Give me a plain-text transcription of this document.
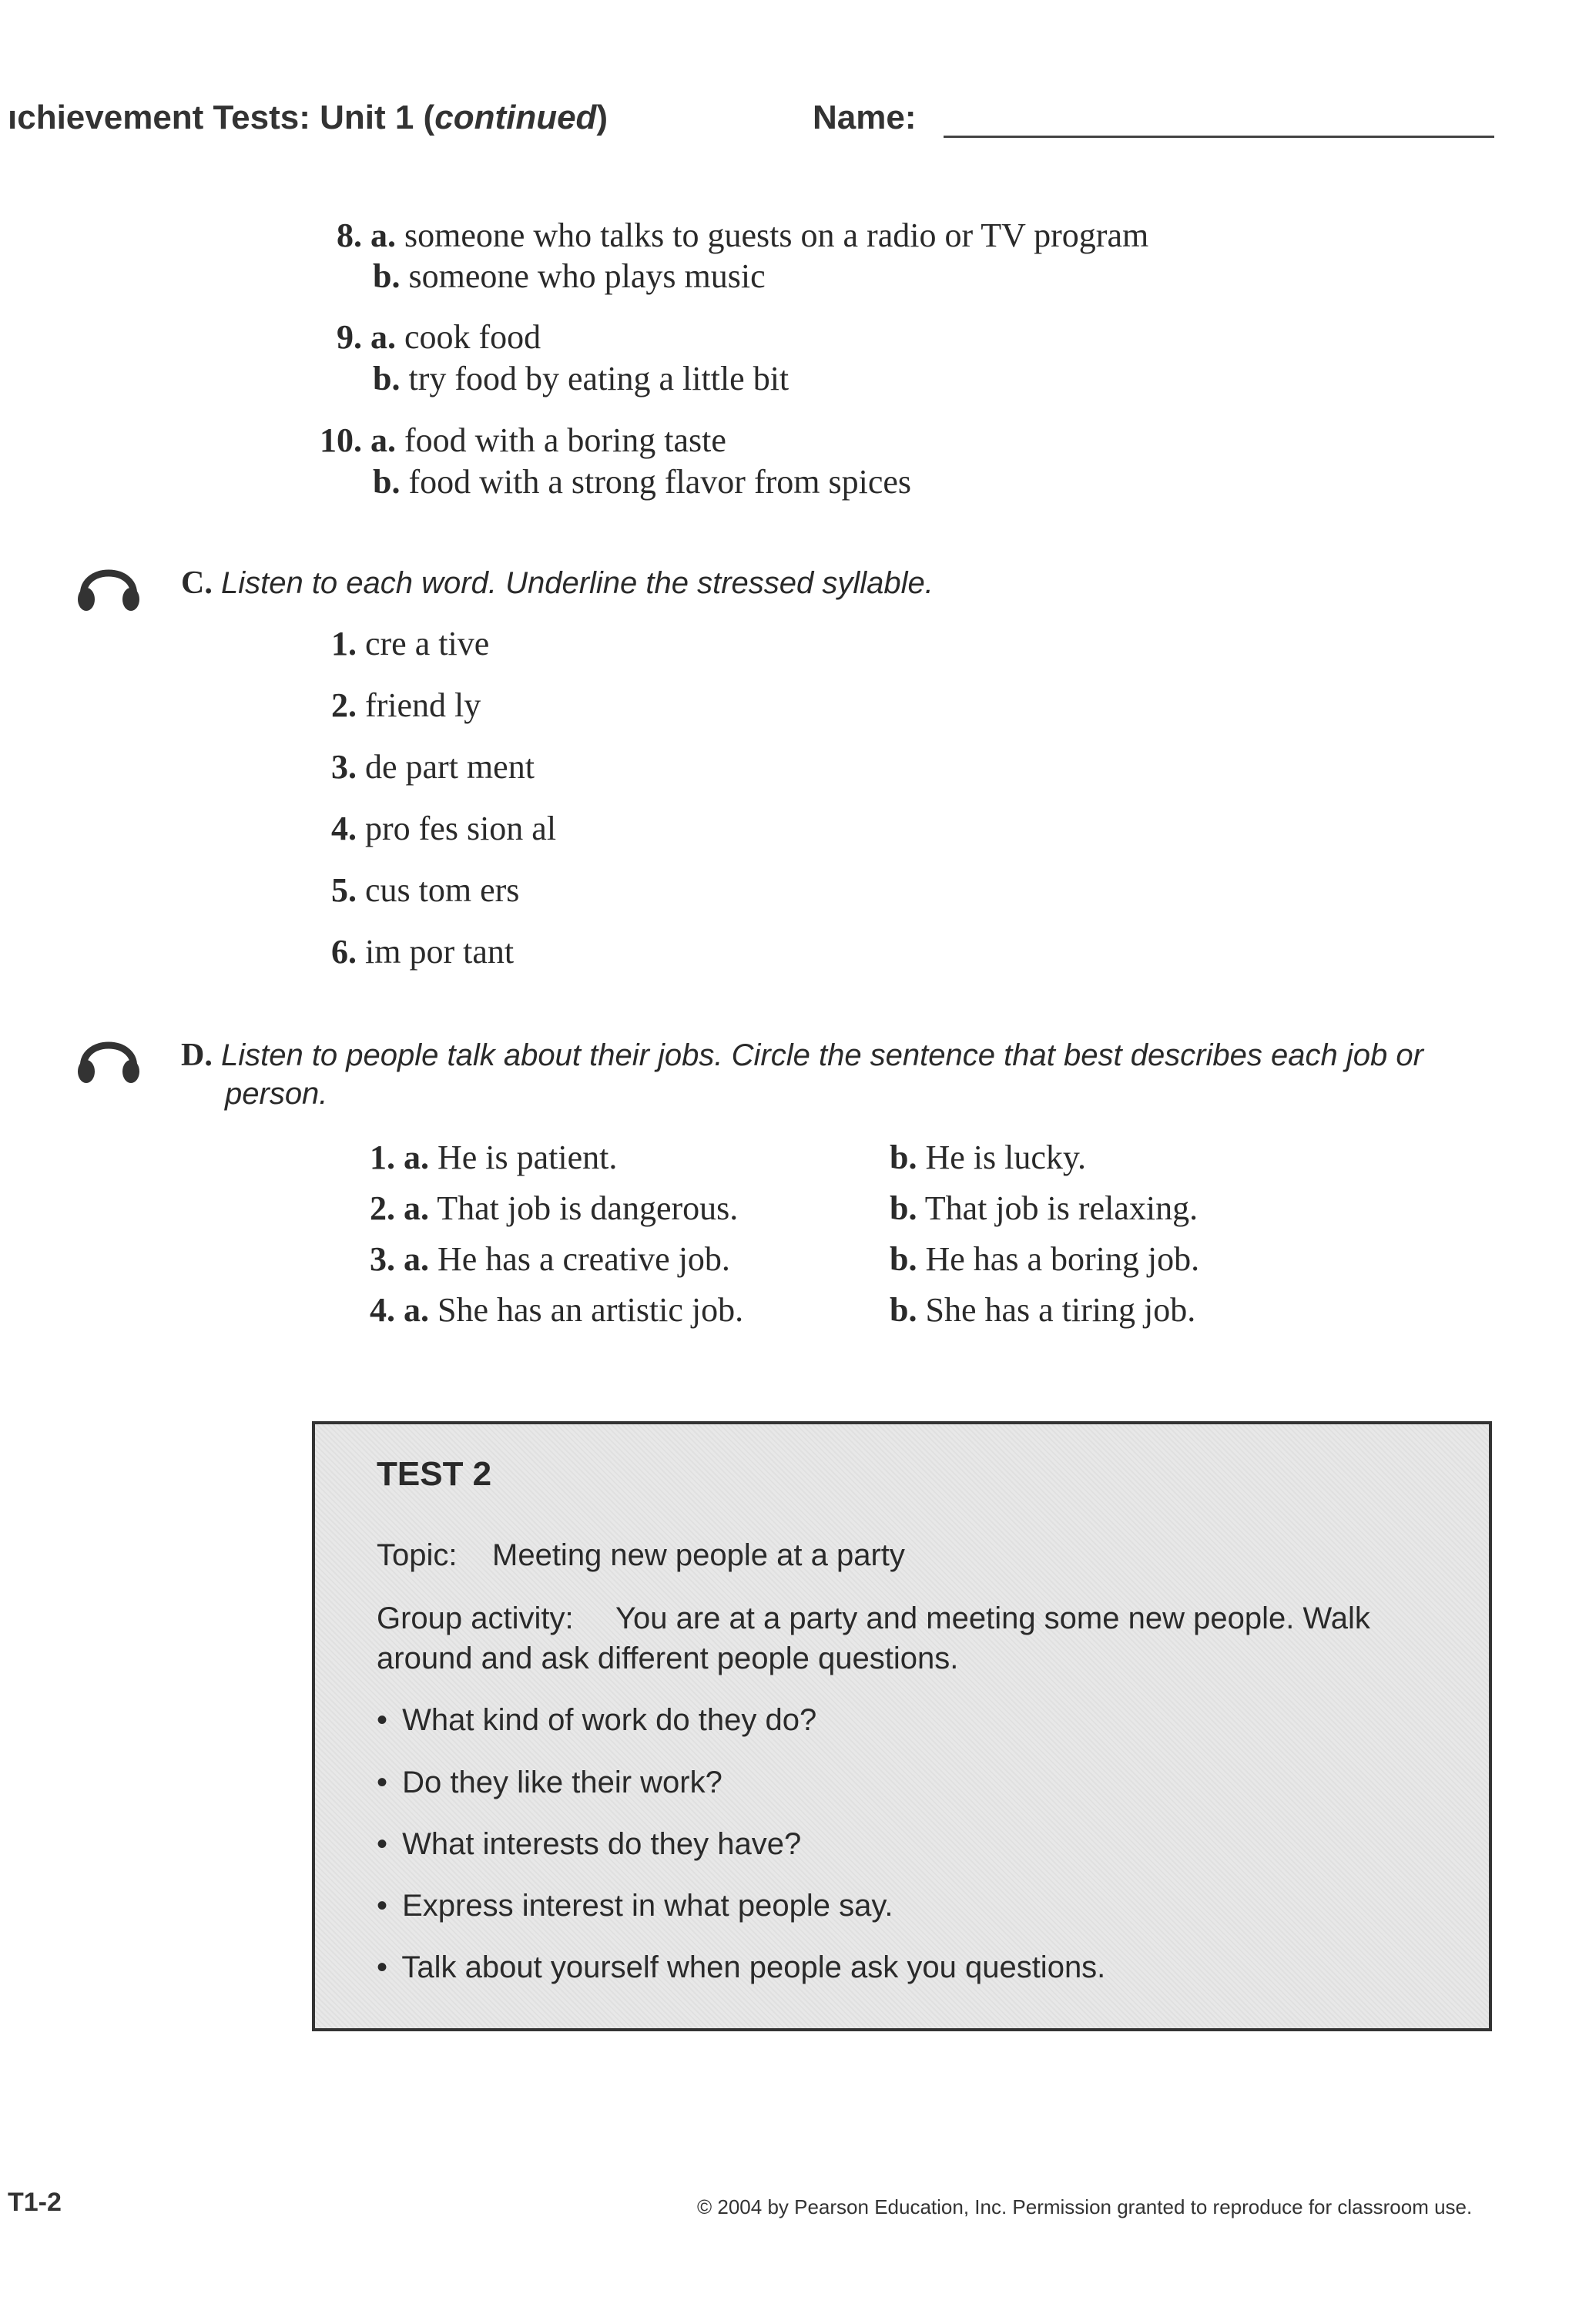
ıchievement Tests: Unit 1 (continued)	Name:
8. a. someone who talks to guests on a radio or TV program
b. someone who plays music
9. a. cook food
b. try food by eating a little bit
10. a. food with a boring taste
b. food with a strong flavor from spices
C. Listen to each word. Underline the stressed syllable.
1. cre a tive
2. friend ly
3. de part ment
4. pro fes sion al
5. cus tom ers
6. im por tant
D. Listen to people talk about their jobs. Circle the sentence that best describes each job or
person.
1. a. He is patient.	b. He is lucky.
2. a. That job is dangerous.	b. That job is relaxing.
3. a. He has a creative job.	b. He has a boring job.
4. a. She has an artistic job.	b. She has a tiring job.
TEST 2
Topic: Meeting new people at a party
Group activity: You are at a party and meeting some new people. Walk
around and ask different people questions.
• What kind of work do they do?
• Do they like their work?
• What interests do they have?
• Express interest in what people say.
• Talk about yourself when people ask you questions.
T1-2	© 2004 by Pearson Education, Inc. Permission granted to reproduce for classroom use.
